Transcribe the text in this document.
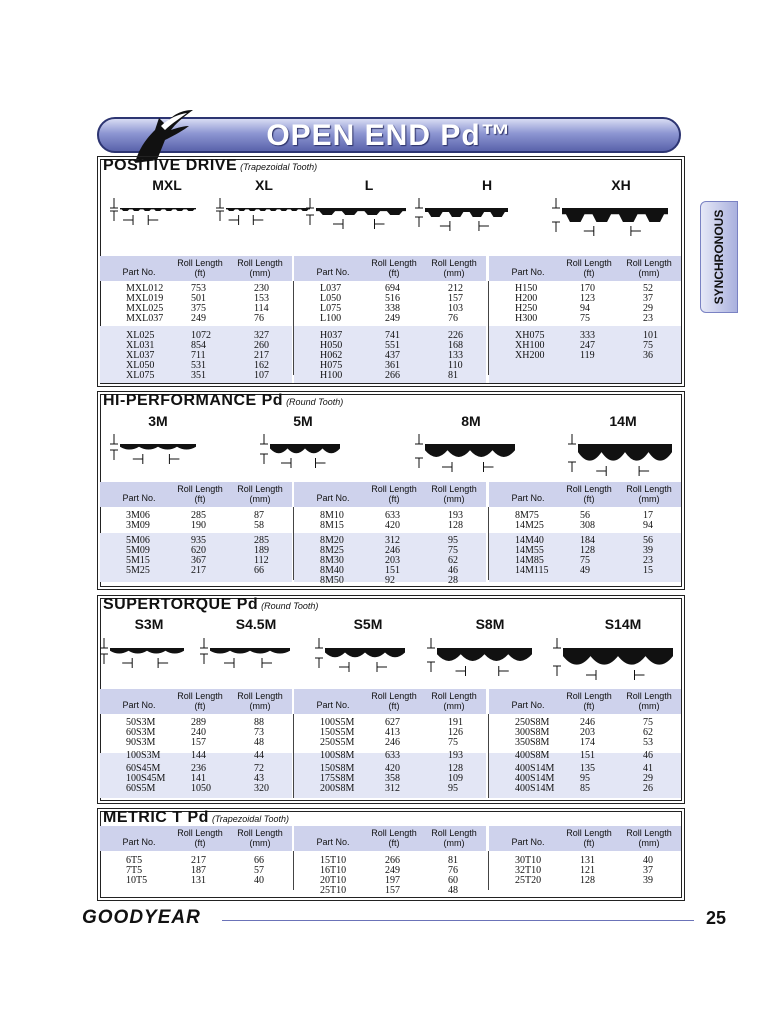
OPEN END Pd™
SYNCHRONOUS
POSITIVE DRIVE (Trapezoidal Tooth)
HI-PERFORMANCE Pd (Round Tooth)
SUPERTORQUE Pd (Round Tooth)
METRIC T Pd (Trapezoidal Tooth)
MXL	XL	L	H	XH
3M	5M	8M	14M
S3M	S4.5M	S5M	S8M	S14M
Part No.
Roll Length
(ft)
Roll Length
(mm)
MXL012	753	230
MXL019	501	153
MXL025	375	114
MXL037	249	76
XL025	1072	327
XL031	854	260
XL037	711	217
XL050	531	162
XL075	351	107
Part No.
Roll Length
(ft)
Roll Length
(mm)
L037	694	212
L050	516	157
L075	338	103
L100	249	76
H037	741	226
H050	551	168
H062	437	133
H075	361	110
H100	266	81
Part No.
Roll Length
(ft)
Roll Length
(mm)
H150	170	52
H200	123	37
H250	94	29
H300	75	23
XH075	333	101
XH100	247	75
XH200	119	36
Part No.
Roll Length
(ft)
Roll Length
(mm)
3M06	285	87
3M09	190	58
5M06	935	285
5M09	620	189
5M15	367	112
5M25	217	66
Part No.
Roll Length
(ft)
Roll Length
(mm)
8M10	633	193
8M15	420	128
8M20	312	95
8M25	246	75
8M30	203	62
8M40	151	46
8M50	92	28
Part No.
Roll Length
(ft)
Roll Length
(mm)
8M75	56	17
14M25	308	94
14M40	184	56
14M55	128	39
14M85	75	23
14M115	49	15
Part No.
Roll Length
(ft)
Roll Length
(mm)
50S3M	289	88
60S3M	240	73
90S3M	157	48
100S3M	144	44
60S45M	236	72
100S45M	141	43
60S5M	1050	320
Part No.
Roll Length
(ft)
Roll Length
(mm)
100S5M	627	191
150S5M	413	126
250S5M	246	75
100S8M	633	193
150S8M	420	128
175S8M	358	109
200S8M	312	95
Part No.
Roll Length
(ft)
Roll Length
(mm)
250S8M	246	75
300S8M	203	62
350S8M	174	53
400S8M	151	46
400S14M	135	41
400S14M	95	29
400S14M	85	26
Part No.
Roll Length
(ft)
Roll Length
(mm)
6T5	217	66
7T5	187	57
10T5	131	40
Part No.
Roll Length
(ft)
Roll Length
(mm)
15T10	266	81
16T10	249	76
20T10	197	60
25T10	157	48
Part No.
Roll Length
(ft)
Roll Length
(mm)
30T10	131	40
32T10	121	37
25T20	128	39
GOODYEAR	25
